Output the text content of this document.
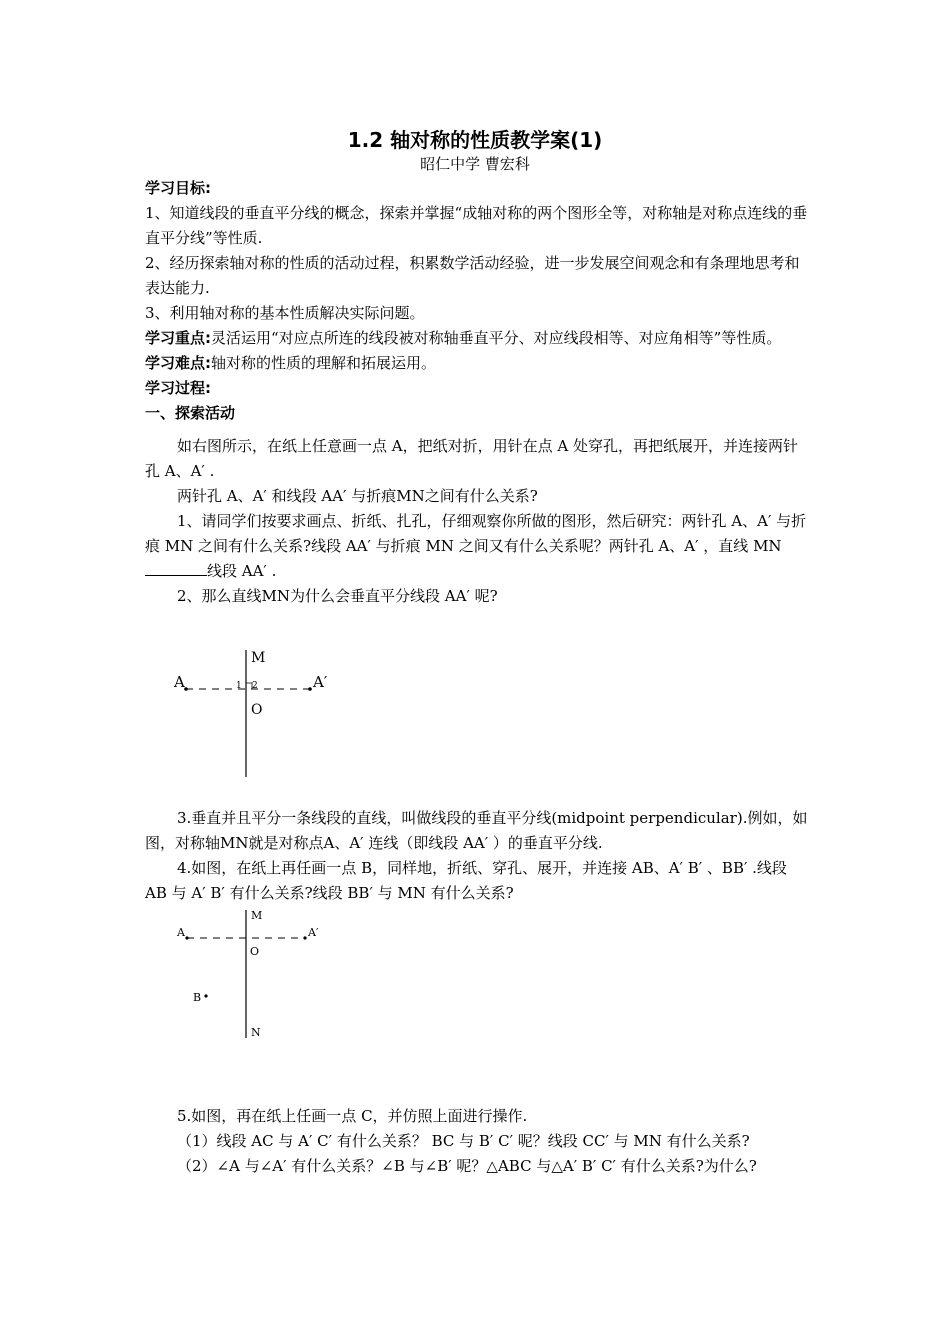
1.2 轴对称的性质教学案(1)
昭仁中学 曹宏科

学习目标:

1、知道线段的垂直平分线的概念，探索并掌握“成轴对称的两个图形全等，对称轴是对称点连线的垂直平分线”等性质.

2、经历探索轴对称的性质的活动过程，积累数学活动经验，进一步发展空间观念和有条理地思考和表达能力.

3、利用轴对称的基本性质解决实际问题。

学习重点:灵活运用“对应点所连的线段被对称轴垂直平分、对应线段相等、对应角相等”等性质。

学习难点:轴对称的性质的理解和拓展运用。

学习过程:

一、探索活动

如右图所示，在纸上任意画一点 A，把纸对折，用针在点 A 处穿孔，再把纸展开，并连接两针孔 A、A′ .

两针孔 A、A′ 和线段 AA′ 与折痕MN之间有什么关系?

1、请同学们按要求画点、折纸、扎孔，仔细观察你所做的图形，然后研究：两针孔 A、A′ 与折痕 MN 之间有什么关系?线段 AA′ 与折痕 MN 之间又有什么关系呢？两针孔 A、A′ ，直线 MN线段 AA′ .

2、那么直线MN为什么会垂直平分线段 AA′ 呢?

A	A′
M
O
1 2

3.垂直并且平分一条线段的直线，叫做线段的垂直平分线(midpoint perpendicular).例如，如图，对称轴MN就是对称点A、A′ 连线（即线段 AA′ ）的垂直平分线.

4.如图，在纸上再任画一点 B，同样地，折纸、穿孔、展开，并连接 AB、A′ B′ 、BB′ .线段 AB 与 A′ B′ 有什么关系?线段 BB′ 与 MN 有什么关系?

A	A′
M
O
B
N

5.如图，再在纸上任画一点 C，并仿照上面进行操作.

（1）线段 AC 与 A′ C′ 有什么关系？ BC 与 B′ C′ 呢？线段 CC′ 与 MN 有什么关系?

（2）∠A 与∠A′ 有什么关系？∠B 与∠B′ 呢？△ABC 与△A′ B′ C′ 有什么关系?为什么?
